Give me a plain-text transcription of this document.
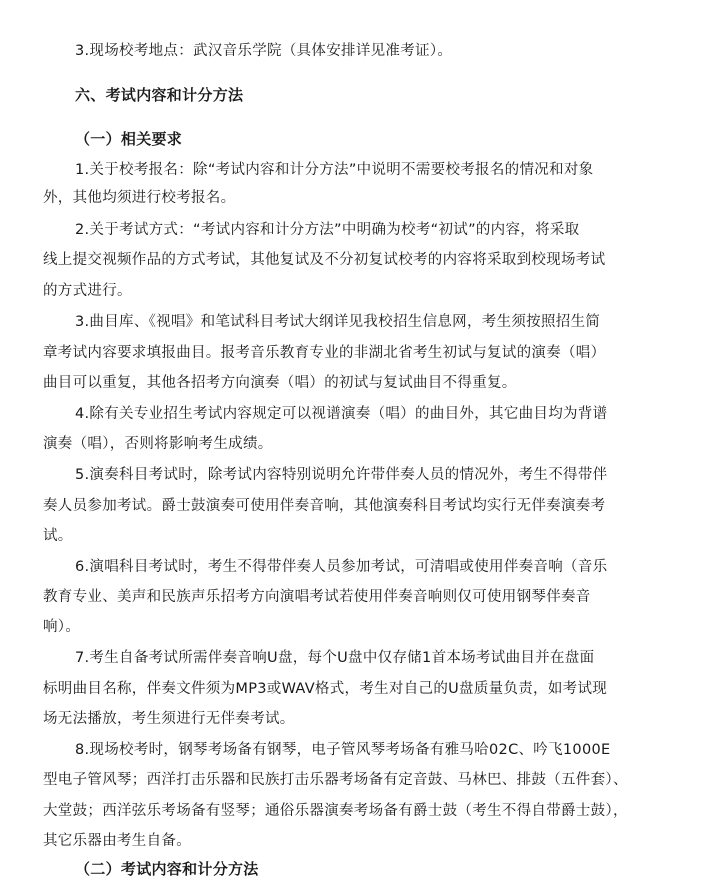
3.现场校考地点：武汉音乐学院（具体安排详见准考证）。
六、考试内容和计分方法
（一）相关要求
1.关于校考报名：除“考试内容和计分方法”中说明不需要校考报名的情况和对象
外，其他均须进行校考报名。
2.关于考试方式：“考试内容和计分方法”中明确为校考“初试”的内容，将采取
线上提交视频作品的方式考试，其他复试及不分初复试校考的内容将采取到校现场考试
的方式进行。
3.曲目库、《视唱》和笔试科目考试大纲详见我校招生信息网，考生须按照招生简
章考试内容要求填报曲目。报考音乐教育专业的非湖北省考生初试与复试的演奏（唱）
曲目可以重复，其他各招考方向演奏（唱）的初试与复试曲目不得重复。
4.除有关专业招生考试内容规定可以视谱演奏（唱）的曲目外，其它曲目均为背谱
演奏（唱），否则将影响考生成绩。
5.演奏科目考试时，除考试内容特别说明允许带伴奏人员的情况外，考生不得带伴
奏人员参加考试。爵士鼓演奏可使用伴奏音响，其他演奏科目考试均实行无伴奏演奏考
试。
6.演唱科目考试时，考生不得带伴奏人员参加考试，可清唱或使用伴奏音响（音乐
教育专业、美声和民族声乐招考方向演唱考试若使用伴奏音响则仅可使用钢琴伴奏音
响）。
7.考生自备考试所需伴奏音响U盘，每个U盘中仅存储1首本场考试曲目并在盘面
标明曲目名称，伴奏文件须为MP3或WAV格式，考生对自己的U盘质量负责，如考试现
场无法播放，考生须进行无伴奏考试。
8.现场校考时，钢琴考场备有钢琴，电子管风琴考场备有雅马哈02C、吟飞1000E
型电子管风琴；西洋打击乐器和民族打击乐器考场备有定音鼓、马林巴、排鼓（五件套）、
大堂鼓；西洋弦乐考场备有竖琴；通俗乐器演奏考场备有爵士鼓（考生不得自带爵士鼓），
其它乐器由考生自备。
（二）考试内容和计分方法
